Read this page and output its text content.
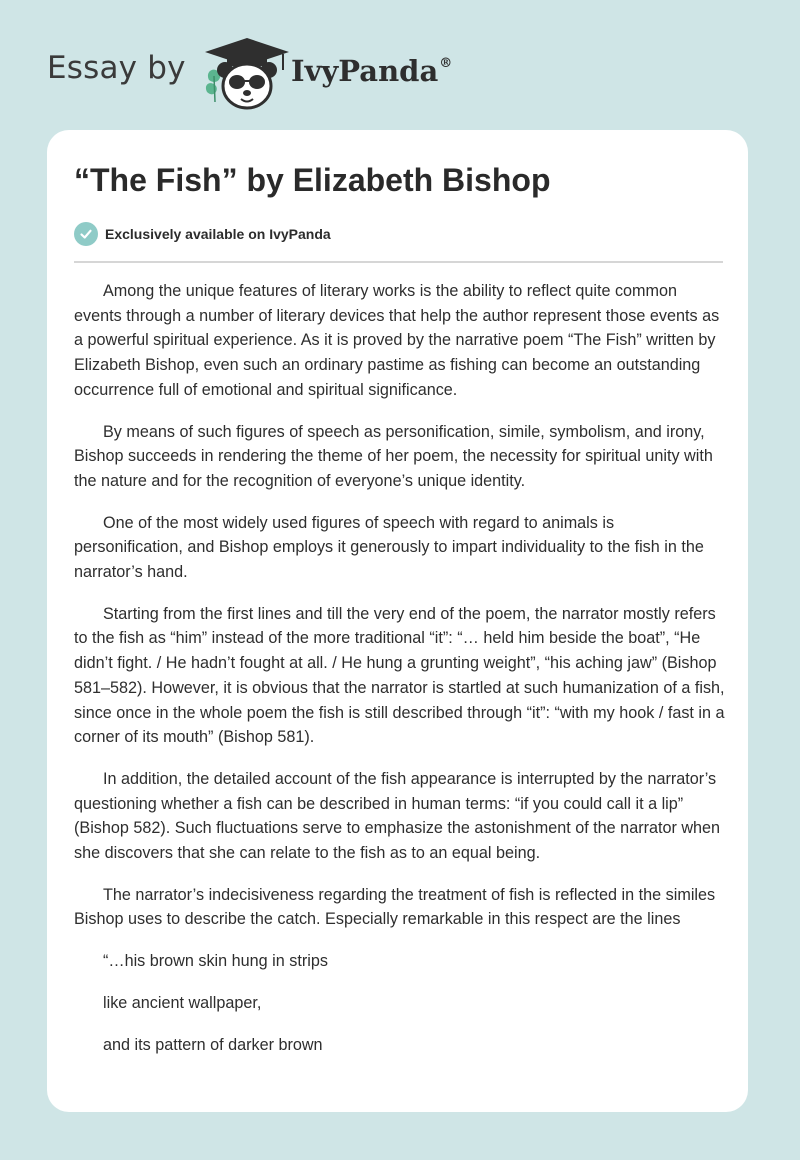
Essay by	IvyPanda®
“The Fish” by Elizabeth Bishop
Exclusively available on IvyPanda

Among the unique features of literary works is the ability to reflect quite common events through a number of literary devices that help the author represent those events as a powerful spiritual experience. As it is proved by the narrative poem “The Fish” written by Elizabeth Bishop, even such an ordinary pastime as fishing can become an outstanding occurrence full of emotional and spiritual significance.

By means of such figures of speech as personification, simile, symbolism, and irony, Bishop succeeds in rendering the theme of her poem, the necessity for spiritual unity with the nature and for the recognition of everyone’s unique identity.

One of the most widely used figures of speech with regard to animals is personification, and Bishop employs it generously to impart individuality to the fish in the narrator’s hand.

Starting from the first lines and till the very end of the poem, the narrator mostly refers to the fish as “him” instead of the more traditional “it”: “… held him beside the boat”, “He didn’t fight. / He hadn’t fought at all. / He hung a grunting weight”, “his aching jaw” (Bishop 581–582). However, it is obvious that the narrator is startled at such humanization of a fish, since once in the whole poem the fish is still described through “it”: “with my hook / fast in a corner of its mouth” (Bishop 581).

In addition, the detailed account of the fish appearance is interrupted by the narrator’s questioning whether a fish can be described in human terms: “if you could call it a lip” (Bishop 582). Such fluctuations serve to emphasize the astonishment of the narrator when she discovers that she can relate to the fish as to an equal being.

The narrator’s indecisiveness regarding the treatment of fish is reflected in the similes Bishop uses to describe the catch. Especially remarkable in this respect are the lines

“…his brown skin hung in strips

like ancient wallpaper,

and its pattern of darker brown
